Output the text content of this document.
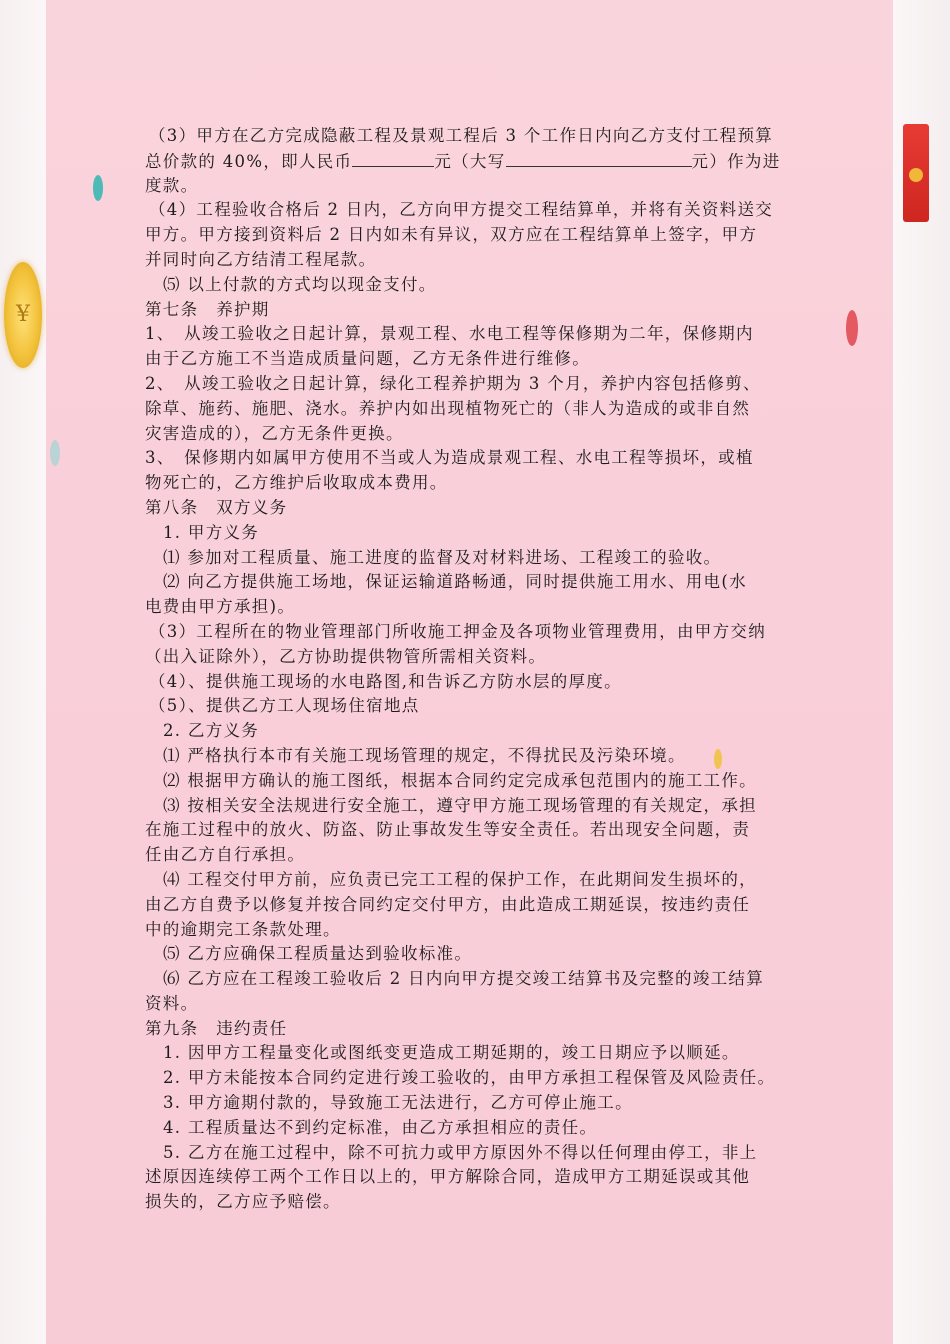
¥
（3）甲方在乙方完成隐蔽工程及景观工程后 3 个工作日内向乙方支付工程预算
总价款的 40%，即人民币	元（大写	元）作为进
度款。
（4）工程验收合格后 2 日内，乙方向甲方提交工程结算单，并将有关资料送交
甲方。甲方接到资料后 2 日内如未有异议，双方应在工程结算单上签字，甲方
并同时向乙方结清工程尾款。
⑸ 以上付款的方式均以现金支付。
第七条　养护期
1、　从竣工验收之日起计算，景观工程、水电工程等保修期为二年，保修期内
由于乙方施工不当造成质量问题，乙方无条件进行维修。
2、　从竣工验收之日起计算，绿化工程养护期为 3 个月，养护内容包括修剪、
除草、施药、施肥、浇水。养护内如出现植物死亡的（非人为造成的或非自然
灾害造成的），乙方无条件更换。
3、　保修期内如属甲方使用不当或人为造成景观工程、水电工程等损坏，或植
物死亡的，乙方维护后收取成本费用。
第八条　双方义务
1. 甲方义务
⑴ 参加对工程质量、施工进度的监督及对材料进场、工程竣工的验收。
⑵ 向乙方提供施工场地，保证运输道路畅通，同时提供施工用水、用电(水
电费由甲方承担)。
（3）工程所在的物业管理部门所收施工押金及各项物业管理费用，由甲方交纳
（出入证除外），乙方协助提供物管所需相关资料。
（4）、提供施工现场的水电路图,和告诉乙方防水层的厚度。
（5）、提供乙方工人现场住宿地点
2. 乙方义务
⑴ 严格执行本市有关施工现场管理的规定，不得扰民及污染环境。
⑵ 根据甲方确认的施工图纸，根据本合同约定完成承包范围内的施工工作。
⑶ 按相关安全法规进行安全施工，遵守甲方施工现场管理的有关规定，承担
在施工过程中的放火、防盗、防止事故发生等安全责任。若出现安全问题，责
任由乙方自行承担。
⑷ 工程交付甲方前，应负责已完工工程的保护工作，在此期间发生损坏的，
由乙方自费予以修复并按合同约定交付甲方，由此造成工期延误，按违约责任
中的逾期完工条款处理。
⑸ 乙方应确保工程质量达到验收标准。
⑹ 乙方应在工程竣工验收后 2 日内向甲方提交竣工结算书及完整的竣工结算
资料。
第九条　违约责任
1. 因甲方工程量变化或图纸变更造成工期延期的，竣工日期应予以顺延。
2. 甲方未能按本合同约定进行竣工验收的，由甲方承担工程保管及风险责任。
3. 甲方逾期付款的，导致施工无法进行，乙方可停止施工。
4. 工程质量达不到约定标准，由乙方承担相应的责任。
5. 乙方在施工过程中，除不可抗力或甲方原因外不得以任何理由停工，非上
述原因连续停工两个工作日以上的，甲方解除合同，造成甲方工期延误或其他
损失的，乙方应予赔偿。
